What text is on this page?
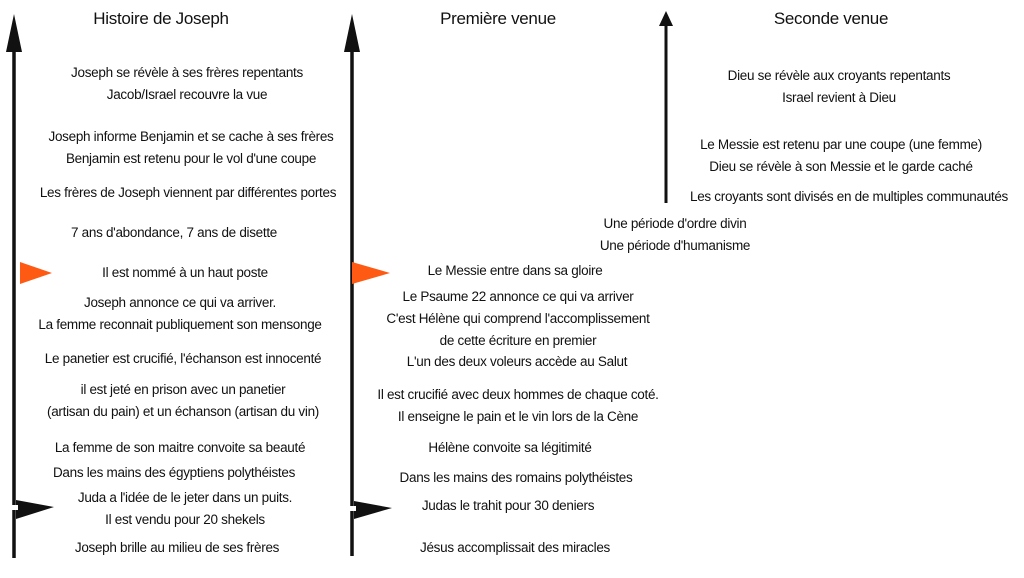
Histoire de Joseph	Première venue	Seconde venue
Joseph se révèle à ses frères repentants
Jacob/Israel recouvre la vue
Joseph informe Benjamin et se cache à ses frères
Benjamin est retenu pour le vol d'une coupe
Les frères de Joseph viennent par différentes portes
7 ans d'abondance, 7 ans de disette
Il est nommé à un haut poste
Joseph annonce ce qui va arriver.
La femme reconnait publiquement son mensonge
Le panetier est crucifié, l'échanson est innocenté
il est jeté en prison avec un panetier
(artisan du pain) et un échanson (artisan du vin)
La femme de son maitre convoite sa beauté
Dans les mains des égyptiens polythéistes
Juda a l'idée de le jeter dans un puits.
Il est vendu pour 20 shekels
Joseph brille au milieu de ses frères
Une période d'ordre divin
Une période d'humanisme
Le Messie entre dans sa gloire
Le Psaume 22 annonce ce qui va arriver
C'est Hélène qui comprend l'accomplissement
de cette écriture en premier
L'un des deux voleurs accède au Salut
Il est crucifié avec deux hommes de chaque coté.
Il enseigne le pain et le vin lors de la Cène
Hélène convoite sa légitimité
Dans les mains des romains polythéistes
Judas le trahit pour 30 deniers
Jésus accomplissait des miracles
Dieu se révèle aux croyants repentants
Israel revient à Dieu
Le Messie est retenu par une coupe (une femme)
Dieu se révèle à son Messie et le garde caché
Les croyants sont divisés en de multiples communautés
